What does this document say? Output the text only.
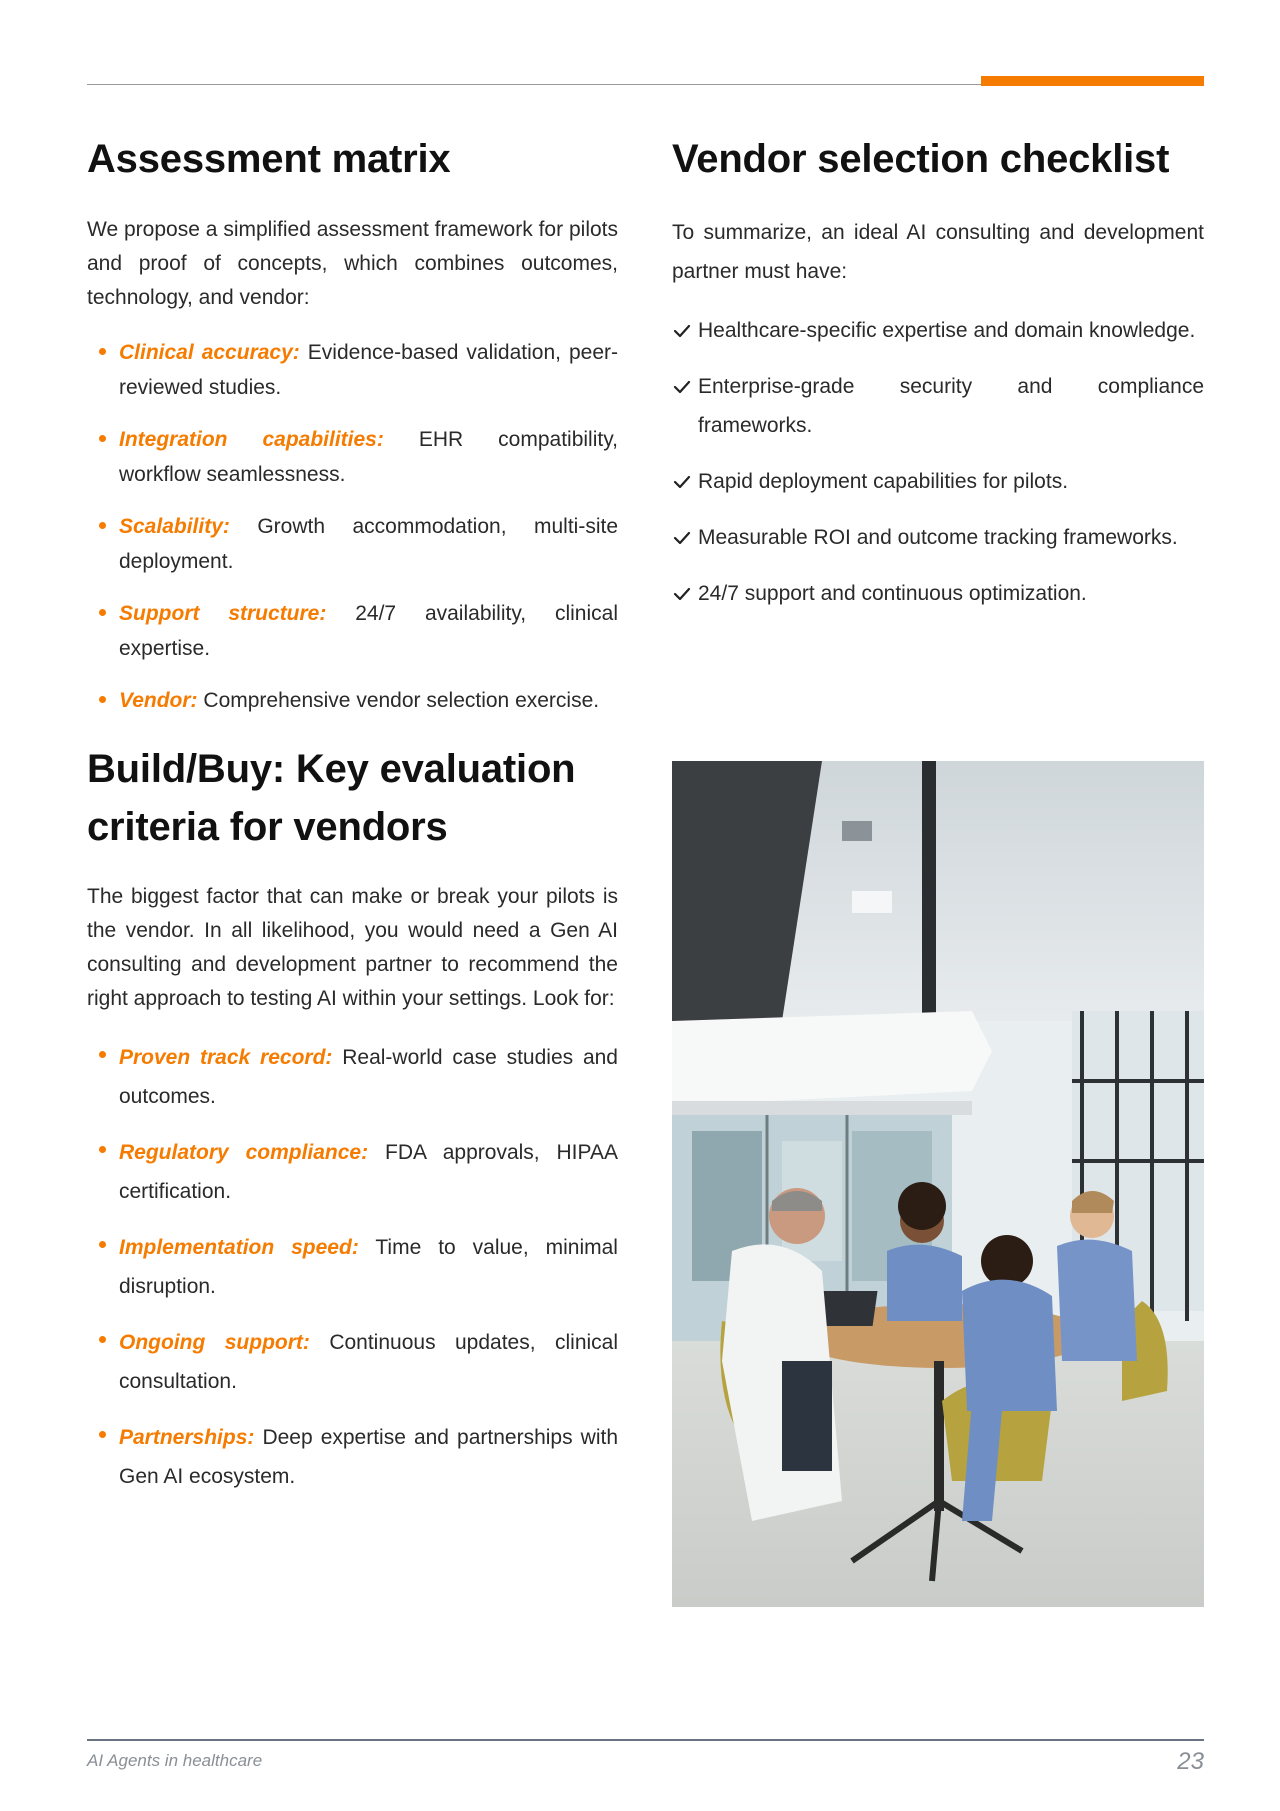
Assessment matrix

We propose a simplified assessment framework for pilots and proof of concepts, which combines outcomes, technology, and vendor:

Clinical accuracy: Evidence-based validation, peer-reviewed studies.
Integration capabilities: EHR compatibility, workflow seamlessness.
Scalability: Growth accommodation, multi-site deployment.
Support structure: 24/7 availability, clinical expertise.
Vendor: Comprehensive vendor selection exercise.
Build/Buy: Key evaluation criteria for vendors

The biggest factor that can make or break your pilots is the vendor. In all likelihood, you would need a Gen AI consulting and development partner to recommend the right approach to testing AI within your settings. Look for:

Proven track record: Real-world case studies and outcomes.
Regulatory compliance: FDA approvals, HIPAA certification.
Implementation speed: Time to value, minimal disruption.
Ongoing support: Continuous updates, clinical consultation.
Partnerships: Deep expertise and partnerships with Gen AI ecosystem.
Vendor selection checklist

To summarize, an ideal AI consulting and development partner must have:

Healthcare-specific expertise and domain knowledge.
Enterprise-grade security and compliance frameworks.
Rapid deployment capabilities for pilots.
Measurable ROI and outcome tracking frameworks.
24/7 support and continuous optimization.
AI Agents in healthcare	23
